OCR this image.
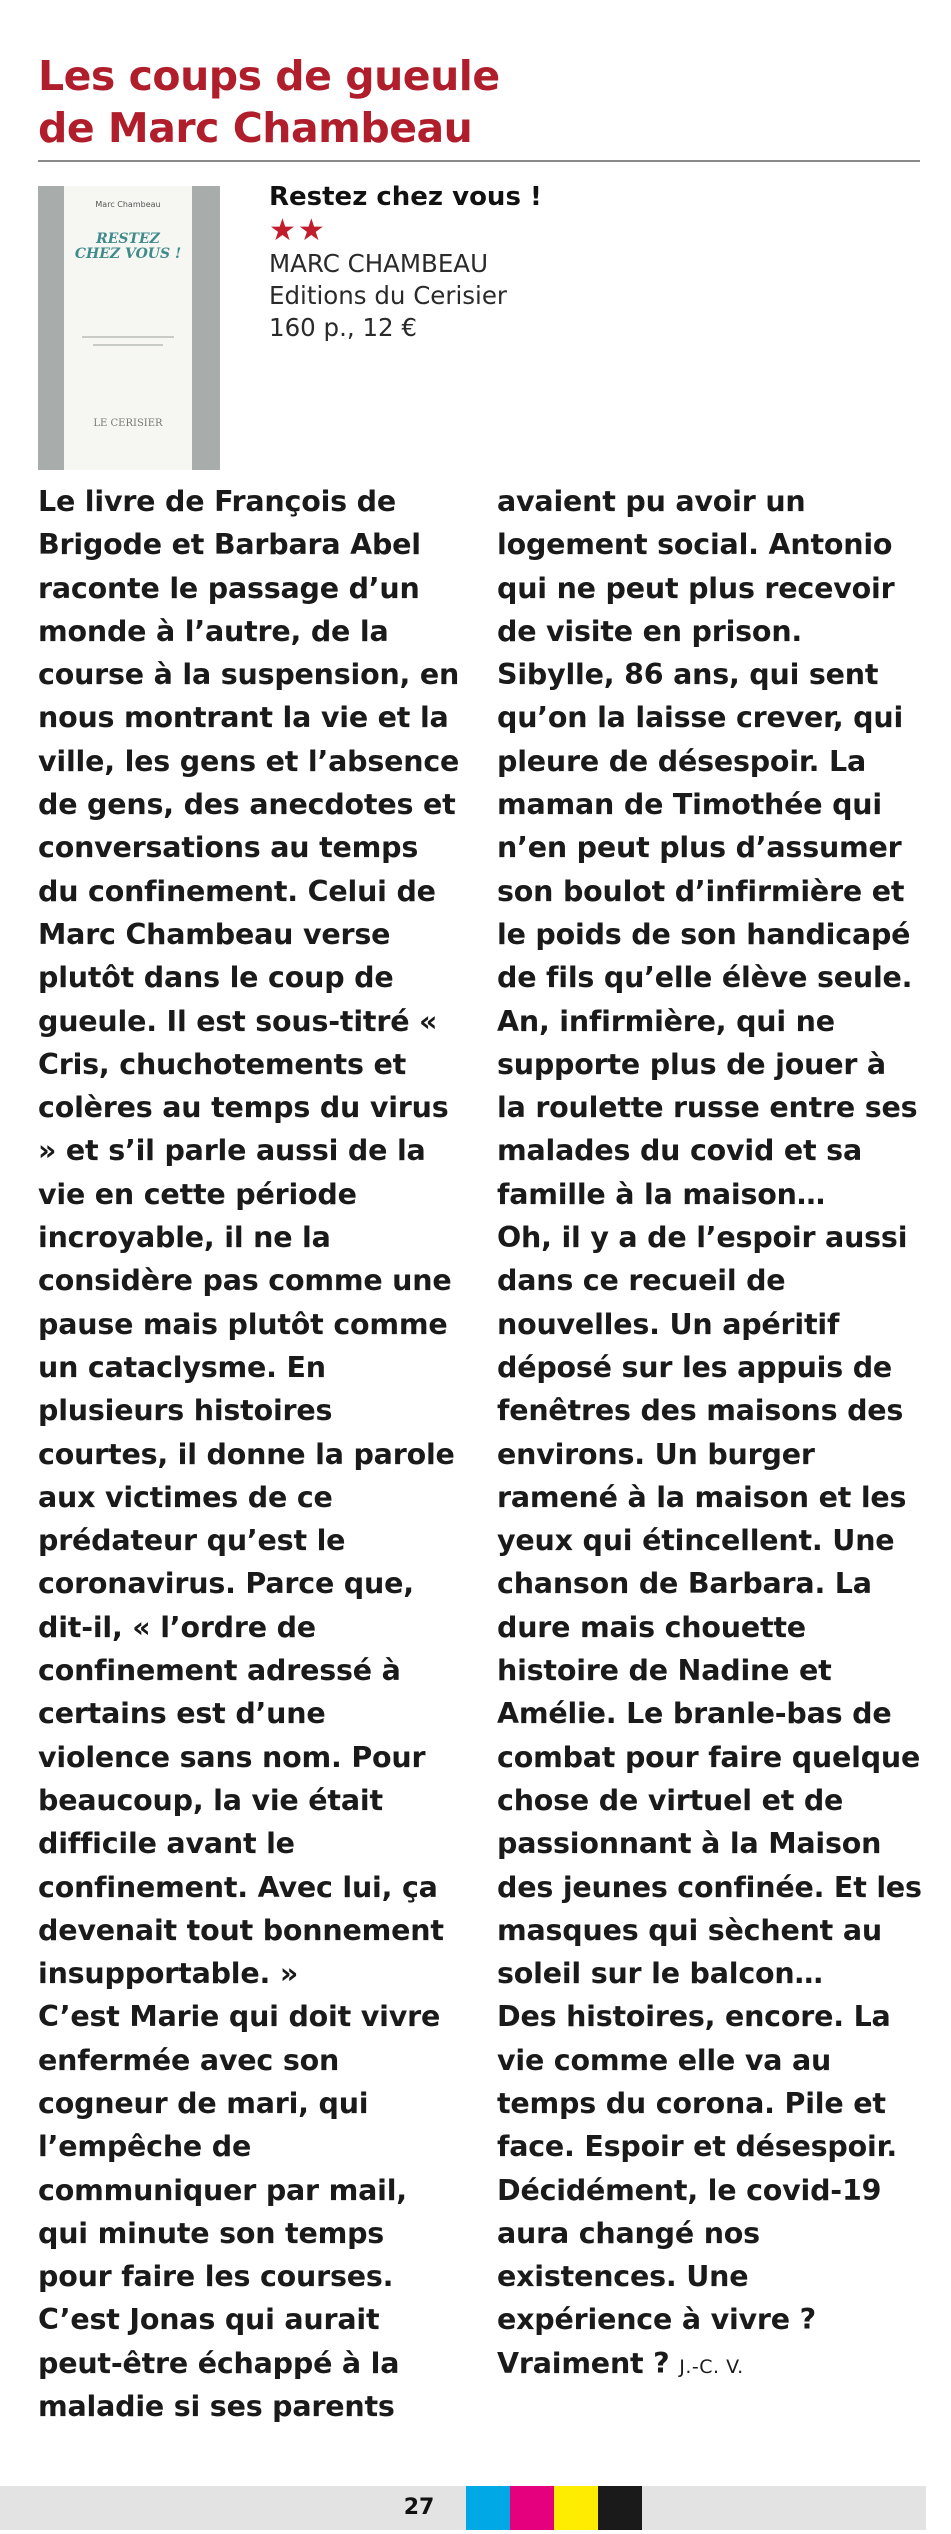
Les coups de gueule
de Marc Chambeau
Marc Chambeau
RESTEZ
CHEZ VOUS !
LE CERISIER

Restez chez vous !

★★

MARC CHAMBEAU

Editions du Cerisier

160 p., 12 €

Le livre de François de Brigode et Barbara Abel raconte le passage d’un monde à l’autre, de la course à la suspension, en nous montrant la vie et la ville, les gens et l’absence de gens, des anecdotes et conversations au temps du confinement. Celui de Marc Chambeau verse plutôt dans le coup de gueule. Il est sous-titré « Cris, chuchotements et colères au temps du virus » et s’il parle aussi de la vie en cette période incroyable, il ne la considère pas comme une pause mais plutôt comme un cataclysme. En plusieurs histoires courtes, il donne la parole aux victimes de ce prédateur qu’est le coronavirus. Parce que, dit-il, « l’ordre de confinement adressé à certains est d’une violence sans nom. Pour beaucoup, la vie était difficile avant le confinement. Avec lui, ça devenait tout bonnement insupportable. »

C’est Marie qui doit vivre enfermée avec son cogneur de mari, qui l’empêche de communiquer par mail, qui minute son temps pour faire les courses. C’est Jonas qui aurait peut-être échappé à la maladie si ses parents avaient pu avoir un logement social. Antonio qui ne peut plus recevoir de visite en prison. Sibylle, 86 ans, qui sent qu’on la laisse crever, qui pleure de désespoir. La maman de Timothée qui n’en peut plus d’assumer son boulot d’infirmière et le poids de son handicapé de fils qu’elle élève seule. An, infirmière, qui ne supporte plus de jouer à la roulette russe entre ses malades du covid et sa famille à la maison…

Oh, il y a de l’espoir aussi dans ce recueil de nouvelles. Un apéritif déposé sur les appuis de fenêtres des maisons des environs. Un burger ramené à la maison et les yeux qui étincellent. Une chanson de Barbara. La dure mais chouette histoire de Nadine et Amélie. Le branle-bas de combat pour faire quelque chose de virtuel et de passionnant à la Maison des jeunes confinée. Et les masques qui sèchent au soleil sur le balcon…

Des histoires, encore. La vie comme elle va au temps du corona. Pile et face. Espoir et désespoir. Décidément, le covid-19 aura changé nos existences. Une expérience à vivre ? Vraiment ? J.-C. V.

27
